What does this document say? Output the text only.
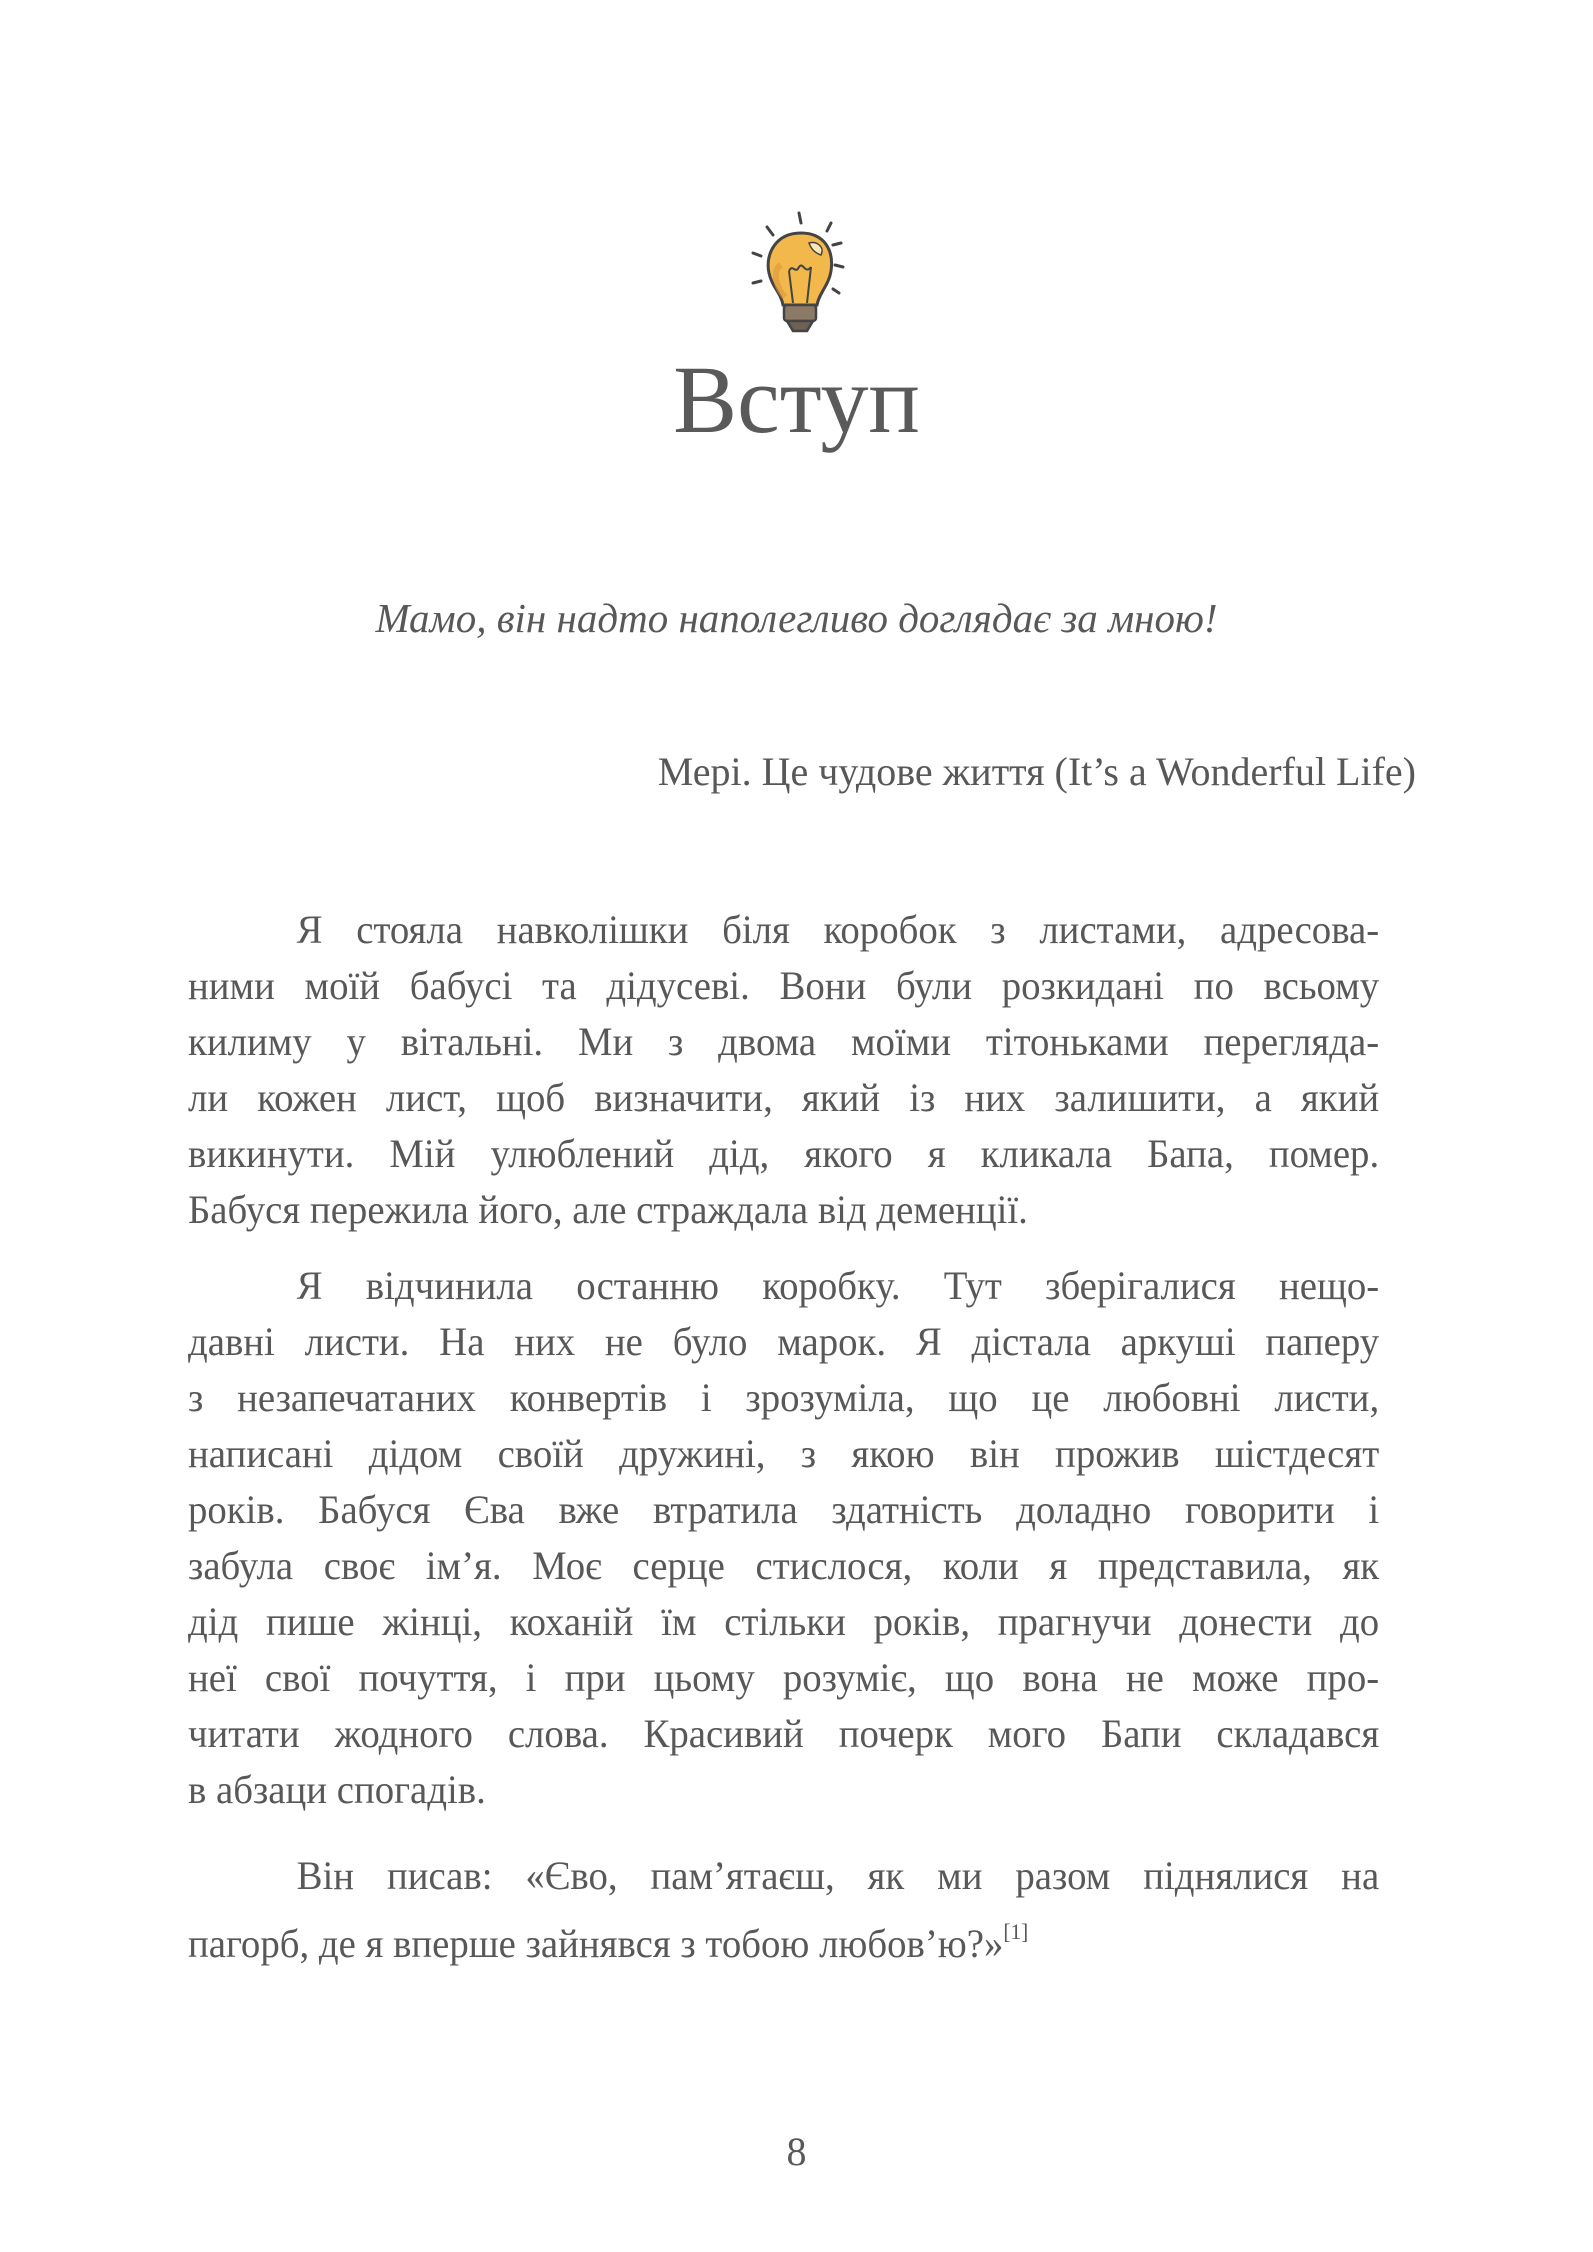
Вступ
Мамо, він надто наполегливо доглядає за мною!
Мері. Це чудове життя (It’s a Wonderful Life)
Я стояла навколішки біля коробок з листами, адресова-
ними моїй бабусі та дідусеві. Вони були розкидані по всьому
килиму у вітальні. Ми з двома моїми тітоньками переглядa-
ли кожен лист, щоб визначити, який із них залишити, а який
викинути. Мій улюблений дід, якого я кликала Бапа, помер.
Бабуся пережила його, але страждала від деменції.
Я відчинила останню коробку. Тут зберігалися нещо-
давні листи. На них не було марок. Я дістала аркуші паперу
з незапечатаних конвертів і зрозуміла, що це любовні листи,
написані дідом своїй дружині, з якою він прожив шістдесят
років. Бабуся Єва вже втратила здатність доладно говорити і
забула своє ім’я. Моє серце стислося, коли я представила, як
дід пише жінці, коханій їм стільки років, прагнучи донести до
неї свої почуття, і при цьому розуміє, що вона не може про-
читати жодного слова. Красивий почерк мого Бапи складався
в абзаци спогадів.
Він писав: «Єво, пам’ятаєш, як ми разом піднялися на
пагорб, де я вперше зайнявся з тобою любов’ю?»[1]
8
